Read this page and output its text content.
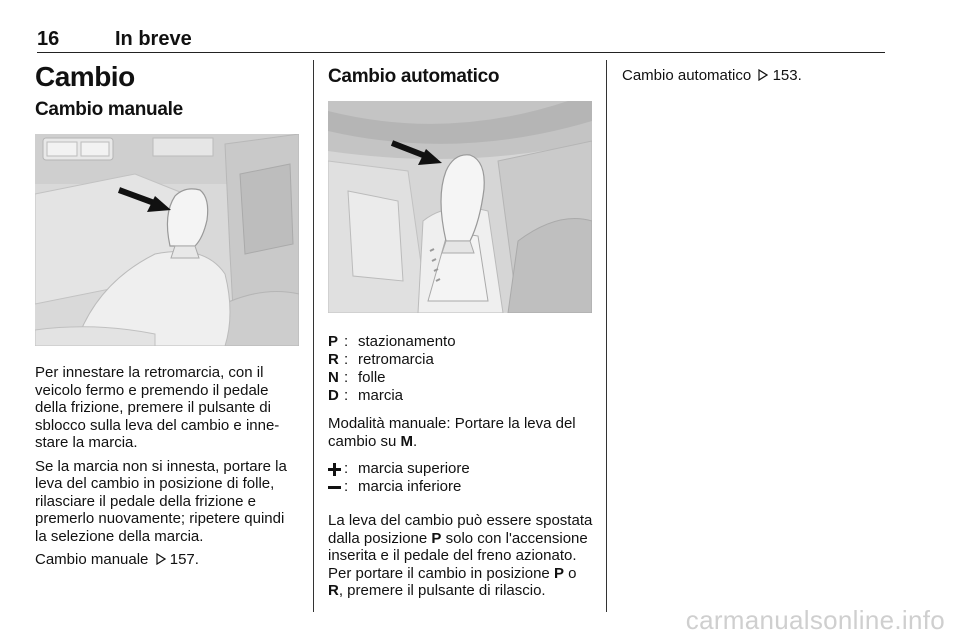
16	In breve
Cambio
Cambio manuale

Per innestare la retromarcia, con il veicolo fermo e premendo il pedale della frizione, premere il pulsante di sblocco sulla leva del cambio e inne-stare la marcia.

Se la marcia non si innesta, portare la leva del cambio in posizione di folle, rilasciare il pedale della frizione e premerlo nuovamente; ripetere quindi la selezione della marcia.

Cambio manuale 157.
Cambio automatico
P : stazionamento
R : retromarcia
N : folle
D : marcia

Modalità manuale: Portare la leva del cambio su M.

: marcia superiore
: marcia inferiore

La leva del cambio può essere spostata dalla posizione P solo con l'accensione inserita e il pedale del freno azionato. Per portare il cambio in posizione P o R, premere il pulsante di rilascio.

Cambio automatico 153.
carmanualsonline.info
